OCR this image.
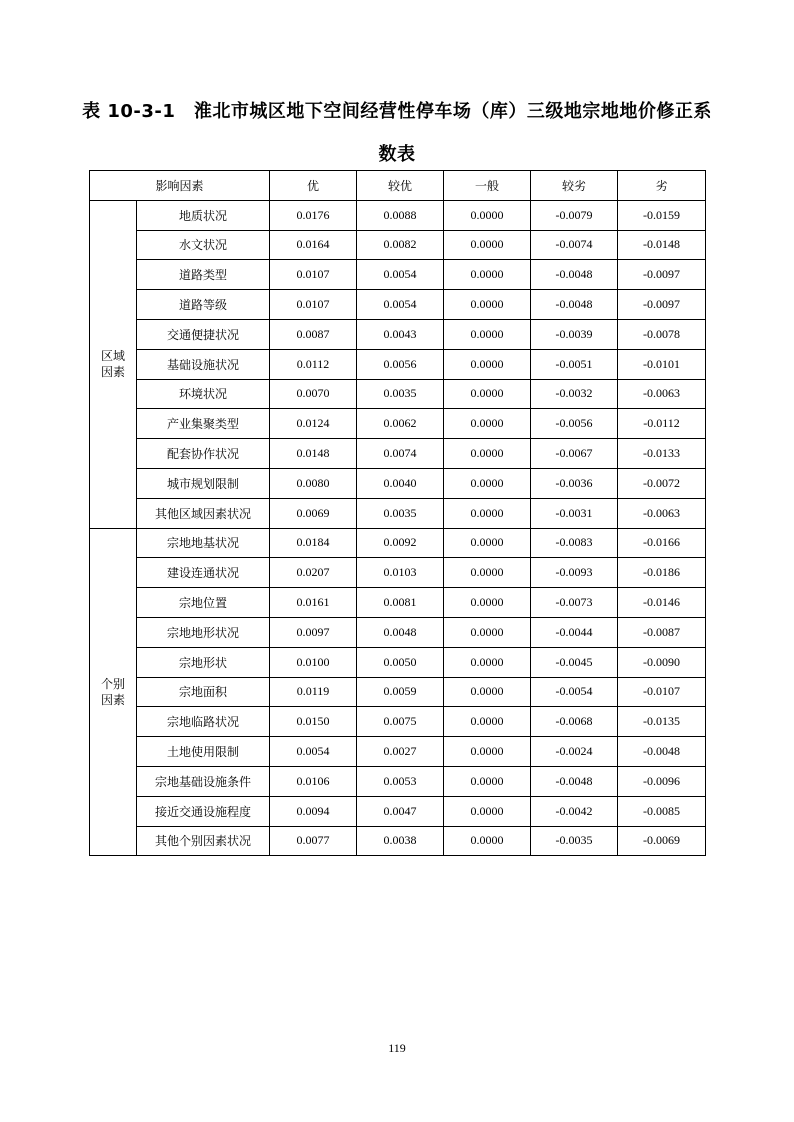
表 10-3-1　淮北市城区地下空间经营性停车场（库）三级地宗地地价修正系
数表
影响因素		优	较优	一般	较劣	劣
区域
因素	地质状况	0.0176	0.0088	0.0000	-0.0079	-0.0159
	水文状况	0.0164	0.0082	0.0000	-0.0074	-0.0148
	道路类型	0.0107	0.0054	0.0000	-0.0048	-0.0097
	道路等级	0.0107	0.0054	0.0000	-0.0048	-0.0097
	交通便捷状况	0.0087	0.0043	0.0000	-0.0039	-0.0078
	基础设施状况	0.0112	0.0056	0.0000	-0.0051	-0.0101
	环境状况	0.0070	0.0035	0.0000	-0.0032	-0.0063
	产业集聚类型	0.0124	0.0062	0.0000	-0.0056	-0.0112
	配套协作状况	0.0148	0.0074	0.0000	-0.0067	-0.0133
	城市规划限制	0.0080	0.0040	0.0000	-0.0036	-0.0072
	其他区域因素状况	0.0069	0.0035	0.0000	-0.0031	-0.0063
个别
因素	宗地地基状况	0.0184	0.0092	0.0000	-0.0083	-0.0166
	建设连通状况	0.0207	0.0103	0.0000	-0.0093	-0.0186
	宗地位置	0.0161	0.0081	0.0000	-0.0073	-0.0146
	宗地地形状况	0.0097	0.0048	0.0000	-0.0044	-0.0087
	宗地形状	0.0100	0.0050	0.0000	-0.0045	-0.0090
	宗地面积	0.0119	0.0059	0.0000	-0.0054	-0.0107
	宗地临路状况	0.0150	0.0075	0.0000	-0.0068	-0.0135
	土地使用限制	0.0054	0.0027	0.0000	-0.0024	-0.0048
	宗地基础设施条件	0.0106	0.0053	0.0000	-0.0048	-0.0096
	接近交通设施程度	0.0094	0.0047	0.0000	-0.0042	-0.0085
	其他个别因素状况	0.0077	0.0038	0.0000	-0.0035	-0.0069
119
